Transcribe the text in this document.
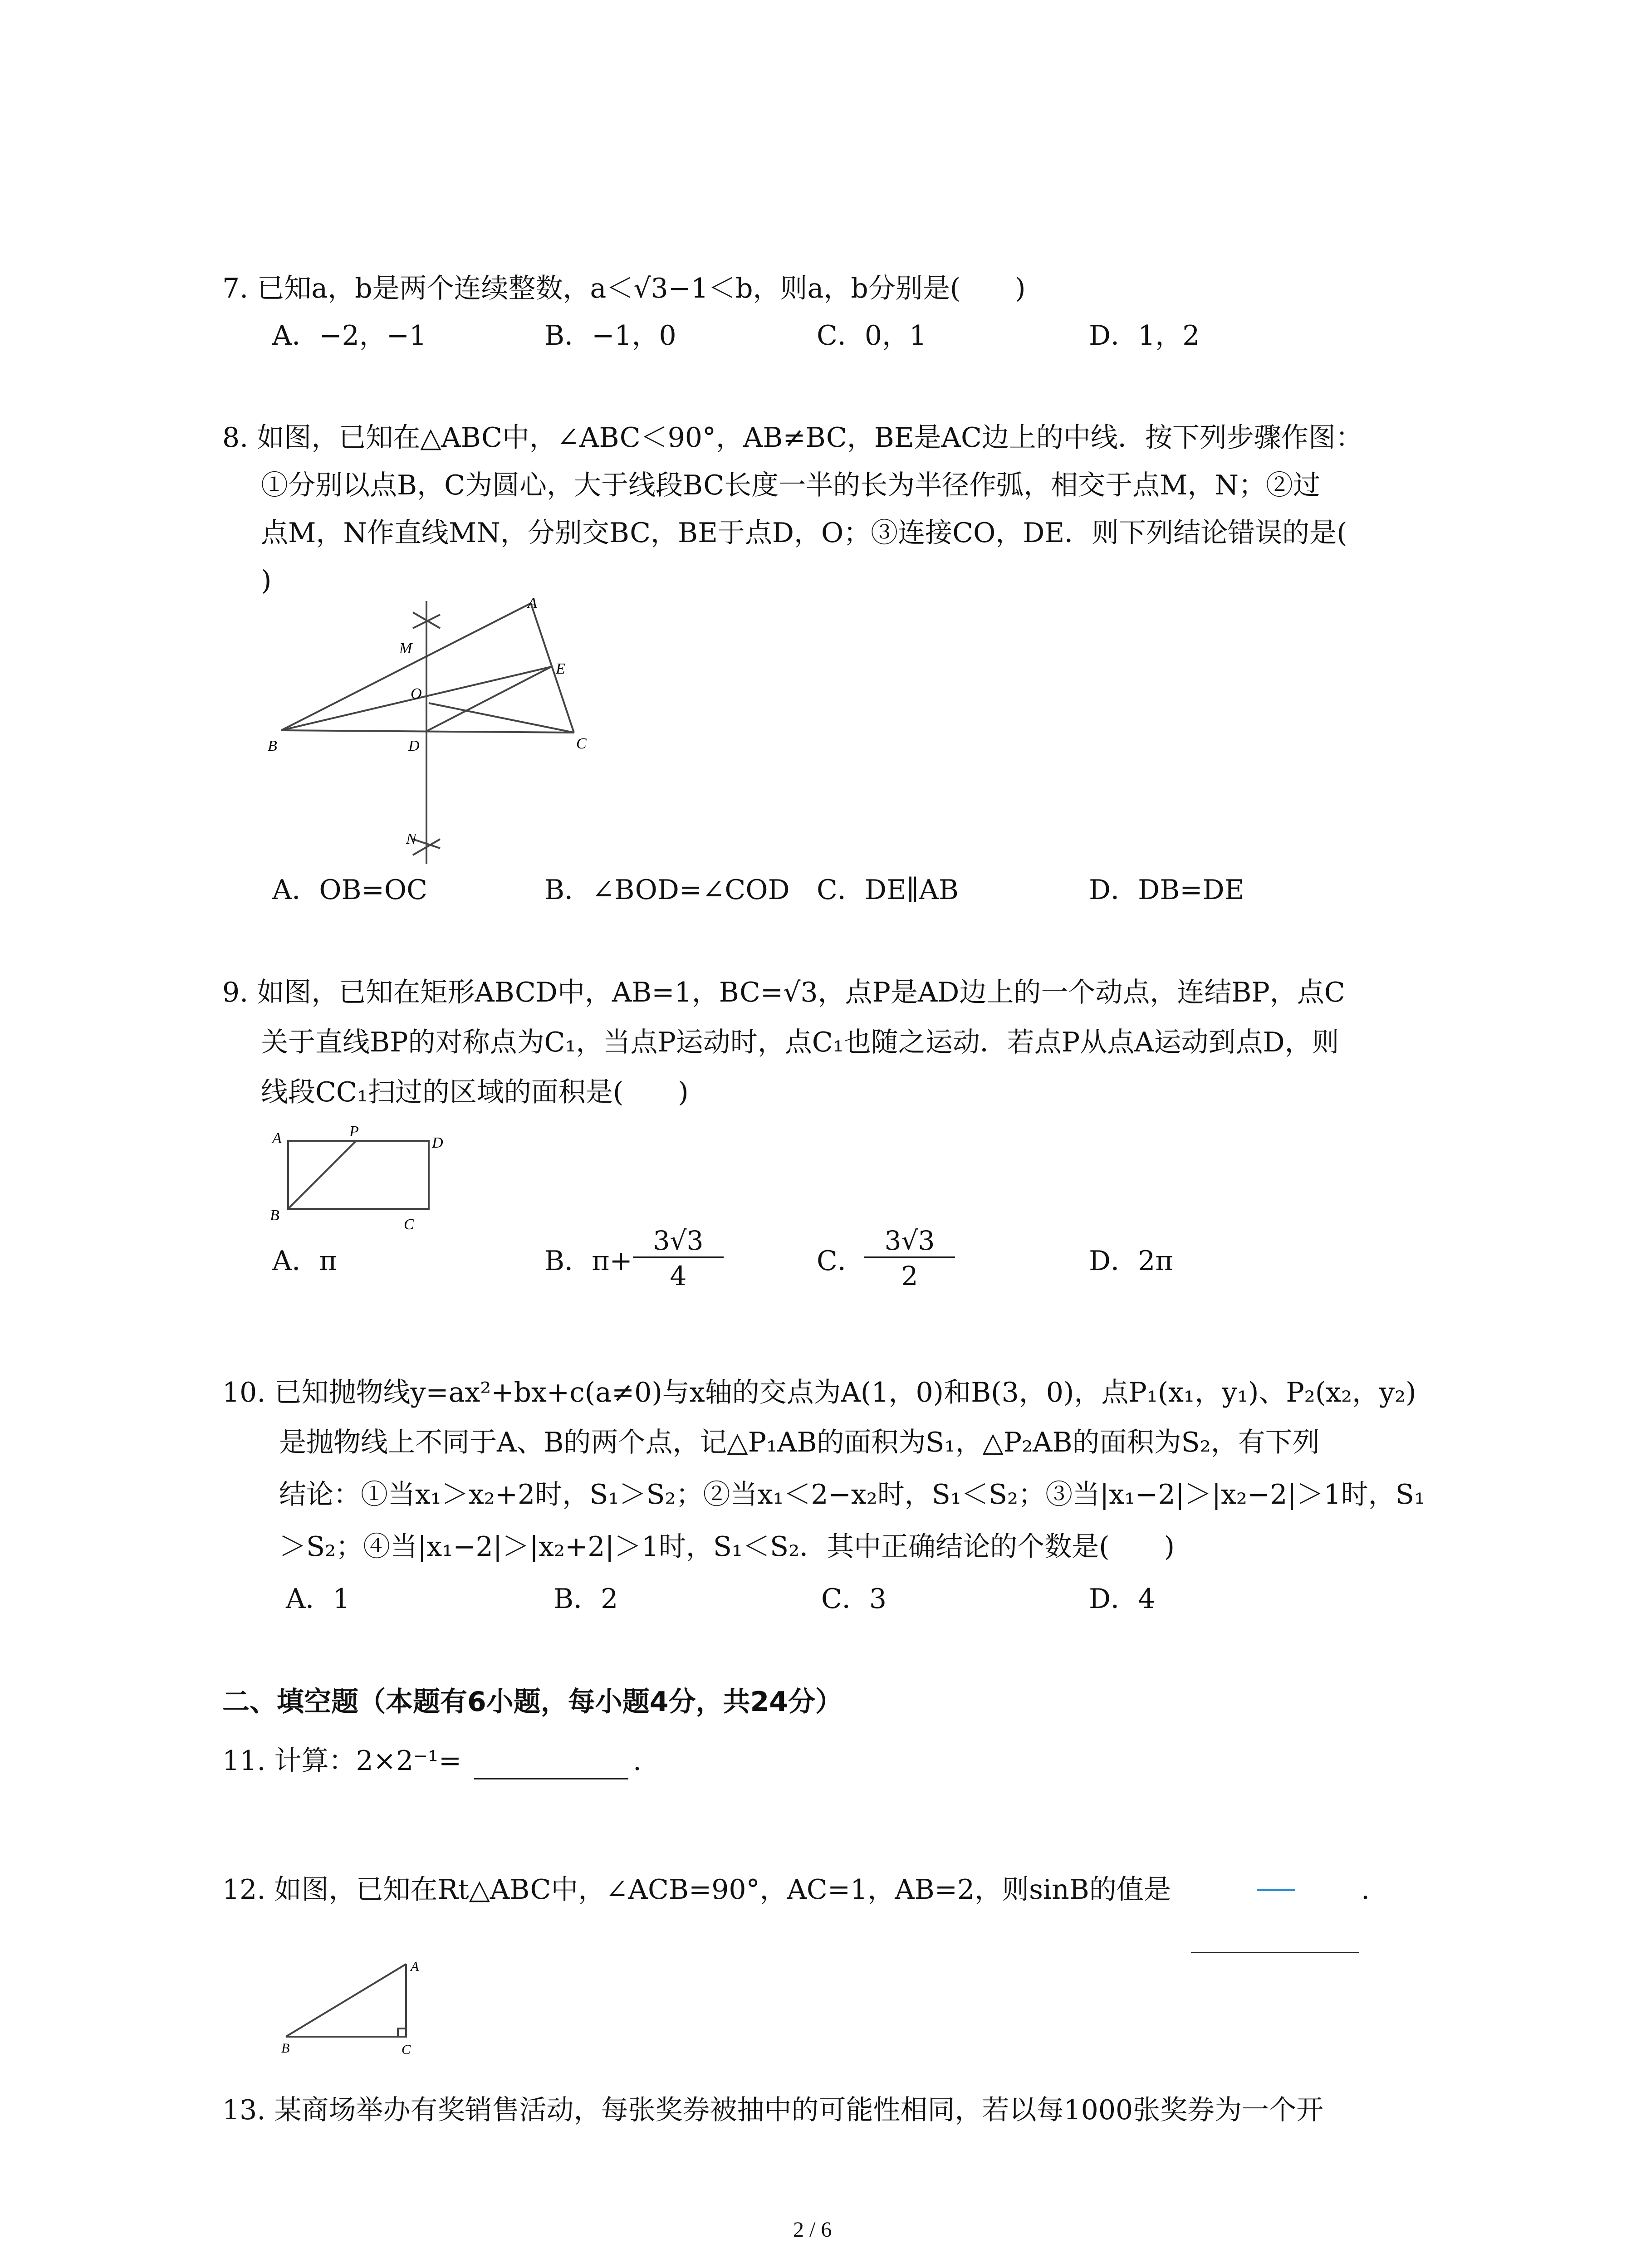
7. 已知a，b是两个连续整数，a＜√3−1＜b，则a，b分别是(　　)
A．−2，−1	B．−1，0	C．0，1	D．1，2
8. 如图，已知在△ABC中，∠ABC＜90°，AB≠BC，BE是AC边上的中线．按下列步骤作图：
①分别以点B，C为圆心，大于线段BC长度一半的长为半径作弧，相交于点M，N；②过
点M，N作直线MN，分别交BC，BE于点D，O；③连接CO，DE．则下列结论错误的是(
)
A
M
E
O
B	D	C
N
A．OB=OC	B．∠BOD=∠COD C．DE∥AB	D．DB=DE
9. 如图，已知在矩形ABCD中，AB=1，BC=√3，点P是AD边上的一个动点，连结BP，点C
关于直线BP的对称点为C₁，当点P运动时，点C₁也随之运动．若点P从点A运动到点D，则
线段CC₁扫过的区域的面积是(　　)
A	P
D
B
C
A．π	B．π+
3√3
4	C．
3√3
2	D．2π
10. 已知抛物线y=ax²+bx+c(a≠0)与x轴的交点为A(1，0)和B(3，0)，点P₁(x₁，y₁)、P₂(x₂，y₂)
是抛物线上不同于A、B的两个点，记△P₁AB的面积为S₁，△P₂AB的面积为S₂，有下列
结论：①当x₁＞x₂+2时，S₁＞S₂；②当x₁＜2−x₂时，S₁＜S₂；③当|x₁−2|＞|x₂−2|＞1时，S₁
＞S₂；④当|x₁−2|＞|x₂+2|＞1时，S₁＜S₂．其中正确结论的个数是(　　)
A．1	B．2	C．3	D．4
二、填空题（本题有6小题，每小题4分，共24分）
11. 计算：2×2⁻¹=	.
12. 如图，已知在Rt△ABC中，∠ACB=90°，AC=1，AB=2，则sinB的值是	.
A
B	C
13. 某商场举办有奖销售活动，每张奖券被抽中的可能性相同，若以每1000张奖券为一个开
2 / 6
